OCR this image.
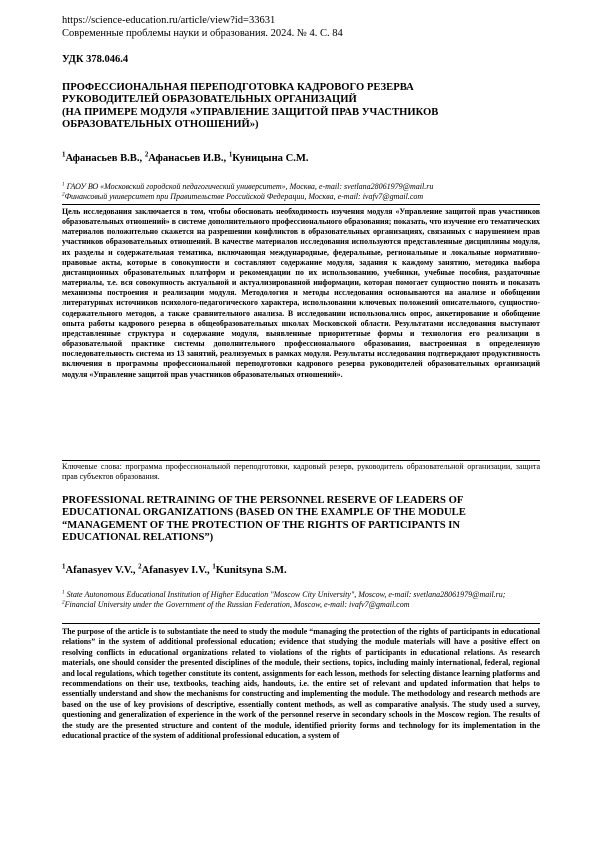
https://science-education.ru/article/view?id=33631
Современные проблемы науки и образования. 2024. № 4. С. 84
УДК 378.046.4
ПРОФЕССИОНАЛЬНАЯ ПЕРЕПОДГОТОВКА КАДРОВОГО РЕЗЕРВА
РУКОВОДИТЕЛЕЙ ОБРАЗОВАТЕЛЬНЫХ ОРГАНИЗАЦИЙ
(НА ПРИМЕРЕ МОДУЛЯ «УПРАВЛЕНИЕ ЗАЩИТОЙ ПРАВ УЧАСТНИКОВ
ОБРАЗОВАТЕЛЬНЫХ ОТНОШЕНИЙ»)
$^1$Афанасьев В.В., $^2$Афанасьев И.В., $^1$Куницына С.М.
$^1$ ГАОУ ВО «Московский городской педагогический университет», Москва, e-mail: svetlana28061979@mail.ru
$^2$Финансовый университет при Правительстве Российской Федерации, Москва, e-mail: ivafv7@gmail.com
Цель исследования заключается в том, чтобы обосновать необходимость изучения модуля «Управление защитой прав участников образовательных отношений» в системе дополнительного профессионального образования; показать, что изучение его тематических материалов положительно скажется на разрешении конфликтов в образовательных организациях, связанных с нарушением прав участников образовательных отношений. В качестве материалов исследования используются представленные дисциплины модуля, их разделы и содержательная тематика, включающая международные, федеральные, региональные и локальные нормативно-правовые акты, которые в совокупности и составляют содержание модуля, задания к каждому занятию, методика выбора дистанционных образовательных платформ и рекомендации по их использованию, учебники, учебные пособия, раздаточные материалы, т.е. вся совокупность актуальной и актуализированной информации, которая помогает сущностно понять и показать механизмы построения и реализации модуля. Методология и методы исследования основываются на анализе и обобщении литературных источников психолого-педагогического характера, использовании ключевых положений описательного, сущностно-содержательного методов, а также сравнительного анализа. В исследовании использовались опрос, анкетирование и обобщение опыта работы кадрового резерва в общеобразовательных школах Московской области. Результатами исследования выступают представленные структура и содержание модуля, выявленные приоритетные формы и технология его реализации в образовательной практике системы дополнительного профессионального образования, выстроенная в определенную последовательность система из 13 занятий, реализуемых в рамках модуля. Результаты исследования подтверждают продуктивность включения в программы профессиональной переподготовки кадрового резерва руководителей образовательных организаций модуля «Управление защитой прав участников образовательных отношений».
Ключевые слова: программа профессиональной переподготовки, кадровый резерв, руководитель образовательной организации, защита прав субъектов образования.
PROFESSIONAL RETRAINING OF THE PERSONNEL RESERVE OF LEADERS OF
EDUCATIONAL ORGANIZATIONS (BASED ON THE EXAMPLE OF THE MODULE
“MANAGEMENT OF THE PROTECTION OF THE RIGHTS OF PARTICIPANTS IN
EDUCATIONAL RELATIONS”)
$^1$Afanasyev V.V., $^2$Afanasyev I.V., $^1$Kunitsyna S.M.
$^1$ State Autonomous Educational Institution of Higher Education "Moscow City University", Moscow, e-mail: svetlana28061979@mail.ru;
$^2$Financial University under the Government of the Russian Federation, Moscow, e-mail: ivafv7@gmail.com
The purpose of the article is to substantiate the need to study the module “managing the protection of the rights of participants in educational relations” in the system of additional professional education; evidence that studying the module materials will have a positive effect on resolving conflicts in educational organizations related to violations of the rights of participants in educational relations. As research materials, one should consider the presented disciplines of the module, their sections, topics, including mainly international, federal, regional and local regulations, which together constitute its content, assignments for each lesson, methods for selecting distance learning platforms and recommendations on their use, textbooks, teaching aids, handouts, i.e. the entire set of relevant and updated information that helps to essentially understand and show the mechanisms for constructing and implementing the module. The methodology and research methods are based on the use of key provisions of descriptive, essentially content methods, as well as comparative analysis. The study used a survey, questioning and generalization of experience in the work of the personnel reserve in secondary schools in the Moscow region. The results of the study are the presented structure and content of the module, identified priority forms and technology for its implementation in the educational practice of the system of additional professional education, a system of
